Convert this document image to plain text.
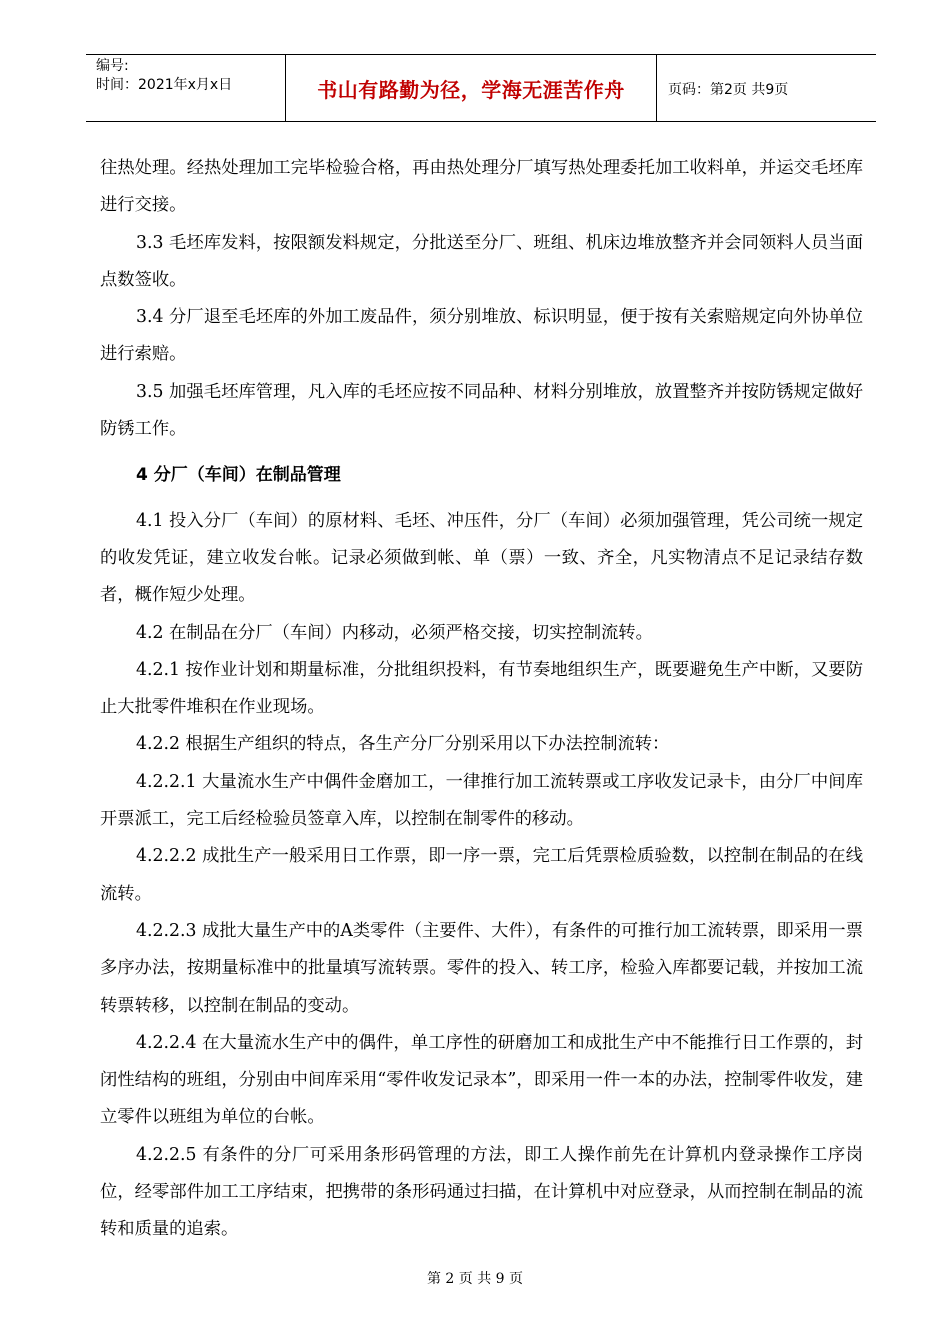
编号:
时间：2021年x月x日	书山有路勤为径，学海无涯苦作舟	页码：第2页 共9页

往热处理。经热处理加工完毕检验合格，再由热处理分厂填写热处理委托加工收料单，并运交毛坯库进行交接。

3.3 毛坯库发料，按限额发料规定，分批送至分厂、班组、机床边堆放整齐并会同领料人员当面点数签收。

3.4 分厂退至毛坯库的外加工废品件，须分别堆放、标识明显，便于按有关索赔规定向外协单位进行索赔。

3.5 加强毛坯库管理，凡入库的毛坯应按不同品种、材料分别堆放，放置整齐并按防锈规定做好防锈工作。

4 分厂（车间）在制品管理

4.1 投入分厂（车间）的原材料、毛坯、冲压件，分厂（车间）必须加强管理，凭公司统一规定的收发凭证，建立收发台帐。记录必须做到帐、单（票）一致、齐全，凡实物清点不足记录结存数者，概作短少处理。

4.2 在制品在分厂（车间）内移动，必须严格交接，切实控制流转。

4.2.1 按作业计划和期量标准，分批组织投料，有节奏地组织生产，既要避免生产中断，又要防止大批零件堆积在作业现场。

4.2.2 根据生产组织的特点，各生产分厂分别采用以下办法控制流转：

4.2.2.1 大量流水生产中偶件金磨加工，一律推行加工流转票或工序收发记录卡，由分厂中间库开票派工，完工后经检验员签章入库，以控制在制零件的移动。

4.2.2.2 成批生产一般采用日工作票，即一序一票，完工后凭票检质验数，以控制在制品的在线流转。

4.2.2.3 成批大量生产中的A类零件（主要件、大件），有条件的可推行加工流转票，即采用一票多序办法，按期量标准中的批量填写流转票。零件的投入、转工序，检验入库都要记载，并按加工流转票转移，以控制在制品的变动。

4.2.2.4 在大量流水生产中的偶件，单工序性的研磨加工和成批生产中不能推行日工作票的，封闭性结构的班组，分别由中间库采用“零件收发记录本”，即采用一件一本的办法，控制零件收发，建立零件以班组为单位的台帐。

4.2.2.5 有条件的分厂可采用条形码管理的方法，即工人操作前先在计算机内登录操作工序岗位，经零部件加工工序结束，把携带的条形码通过扫描，在计算机中对应登录，从而控制在制品的流转和质量的追索。

第 2 页 共 9 页
